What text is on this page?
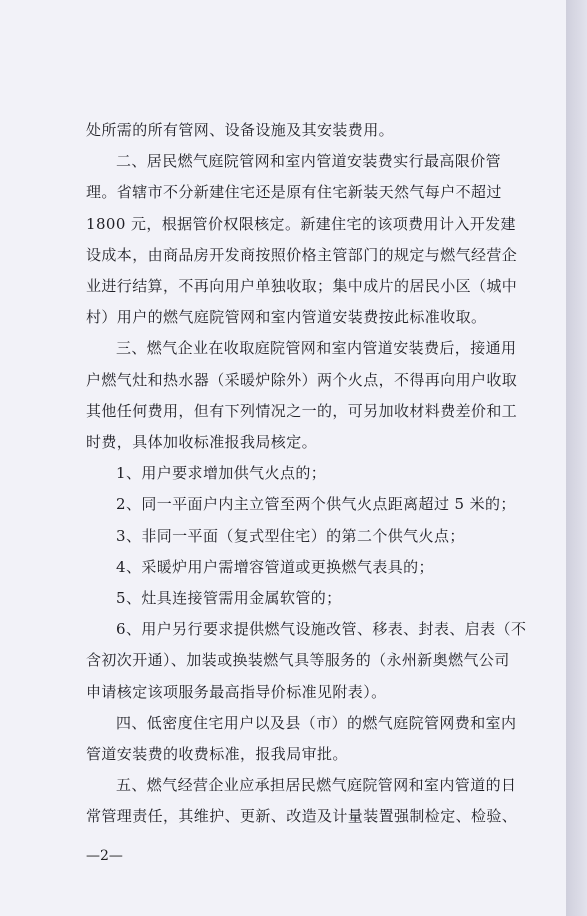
处所需的所有管网、设备设施及其安装费用。
二、居民燃气庭院管网和室内管道安装费实行最高限价管
理。省辖市不分新建住宅还是原有住宅新装天然气每户不超过
1800 元，根据管价权限核定。新建住宅的该项费用计入开发建
设成本，由商品房开发商按照价格主管部门的规定与燃气经营企
业进行结算，不再向用户单独收取；集中成片的居民小区（城中
村）用户的燃气庭院管网和室内管道安装费按此标准收取。
三、燃气企业在收取庭院管网和室内管道安装费后，接通用
户燃气灶和热水器（采暖炉除外）两个火点，不得再向用户收取
其他任何费用，但有下列情况之一的，可另加收材料费差价和工
时费，具体加收标准报我局核定。
1、用户要求增加供气火点的；
2、同一平面户内主立管至两个供气火点距离超过 5 米的；
3、非同一平面（复式型住宅）的第二个供气火点；
4、采暖炉用户需增容管道或更换燃气表具的；
5、灶具连接管需用金属软管的；
6、用户另行要求提供燃气设施改管、移表、封表、启表（不
含初次开通）、加装或换装燃气具等服务的（永州新奥燃气公司
申请核定该项服务最高指导价标准见附表）。
四、低密度住宅用户以及县（市）的燃气庭院管网费和室内
管道安装费的收费标准，报我局审批。
五、燃气经营企业应承担居民燃气庭院管网和室内管道的日
常管理责任，其维护、更新、改造及计量装置强制检定、检验、
—2—
